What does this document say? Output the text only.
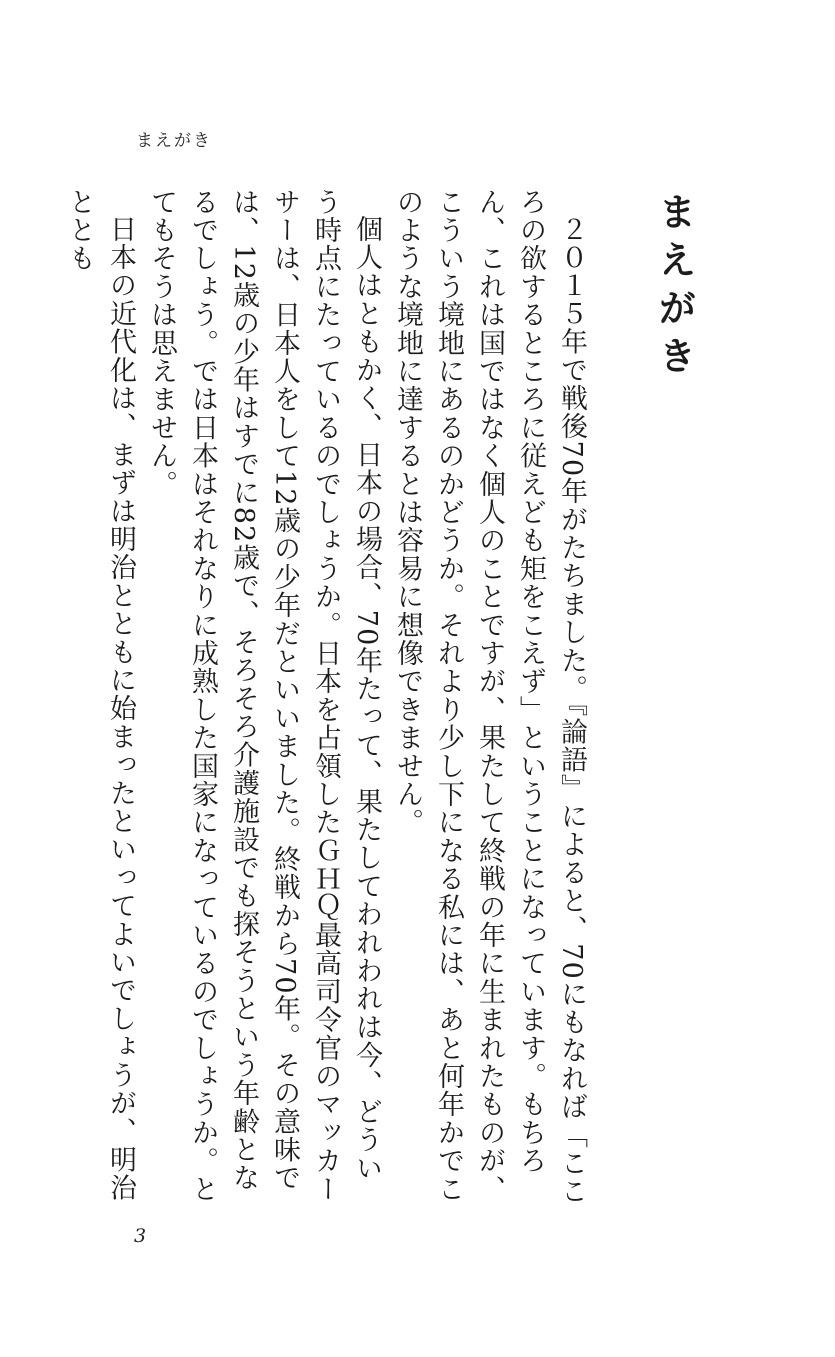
まえがき
まえがき

２０１５年で戦後70年がたちました。『論語』によると、70にもなれば「こころの欲するところに従えども矩をこえず」ということになっています。もちろん、これは国ではなく個人のことですが、果たして終戦の年に生まれたものが、こういう境地にあるのかどうか。それより少し下になる私には、あと何年かでこのような境地に達するとは容易に想像できません。

個人はともかく、日本の場合、70年たって、果たしてわれわれは今、どういう時点にたっているのでしょうか。日本を占領したＧＨＱ最高司令官のマッカーサーは、日本人をして12歳の少年だといいました。終戦から70年。その意味では、12歳の少年はすでに82歳で、そろそろ介護施設でも探そうという年齢となるでしょう。では日本はそれなりに成熟した国家になっているのでしょうか。とてもそうは思えません。

日本の近代化は、まずは明治とともに始まったといってよいでしょうが、明治ととも

3
